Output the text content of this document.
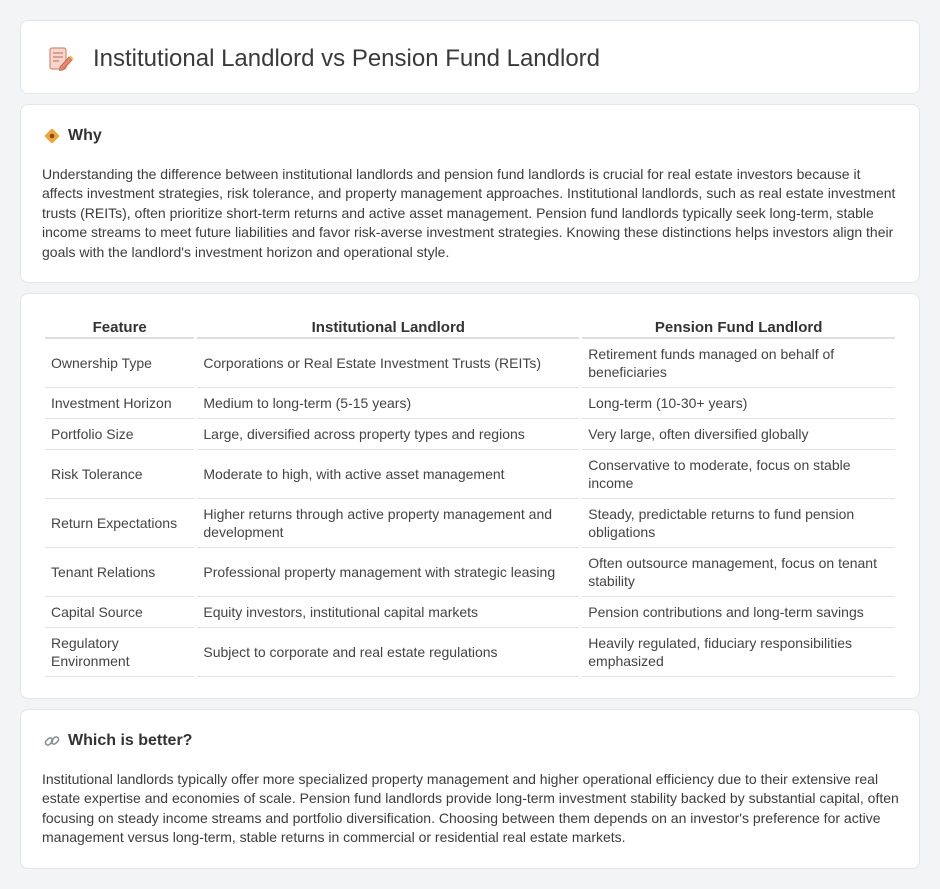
Institutional Landlord vs Pension Fund Landlord
Why

Understanding the difference between institutional landlords and pension fund landlords is crucial for real estate investors because it affects investment strategies, risk tolerance, and property management approaches. Institutional landlords, such as real estate investment trusts (REITs), often prioritize short-term returns and active asset management. Pension fund landlords typically seek long-term, stable income streams to meet future liabilities and favor risk-averse investment strategies. Knowing these distinctions helps investors align their goals with the landlord's investment horizon and operational style.

Feature	Institutional Landlord	Pension Fund Landlord
Ownership Type	Corporations or Real Estate Investment Trusts (REITs)	Retirement funds managed on behalf of beneficiaries
Investment Horizon	Medium to long-term (5-15 years)	Long-term (10-30+ years)
Portfolio Size	Large, diversified across property types and regions	Very large, often diversified globally
Risk Tolerance	Moderate to high, with active asset management	Conservative to moderate, focus on stable income
Return Expectations	Higher returns through active property management and development	Steady, predictable returns to fund pension obligations
Tenant Relations	Professional property management with strategic leasing	Often outsource management, focus on tenant stability
Capital Source	Equity investors, institutional capital markets	Pension contributions and long-term savings
Regulatory Environment	Subject to corporate and real estate regulations	Heavily regulated, fiduciary responsibilities emphasized
Which is better?

Institutional landlords typically offer more specialized property management and higher operational efficiency due to their extensive real estate expertise and economies of scale. Pension fund landlords provide long-term investment stability backed by substantial capital, often focusing on steady income streams and portfolio diversification. Choosing between them depends on an investor's preference for active management versus long-term, stable returns in commercial or residential real estate markets.
